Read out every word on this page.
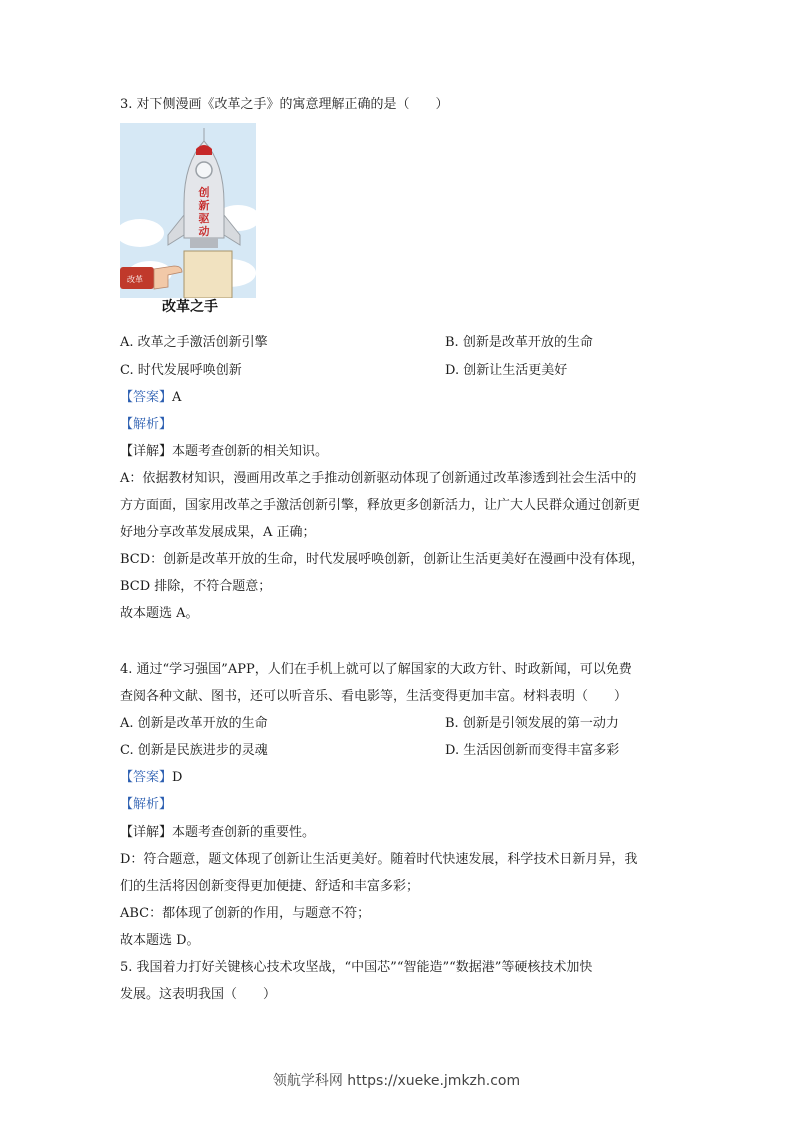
3. 对下侧漫画《改革之手》的寓意理解正确的是（　　）
创
新
驱
动
改革
改革之手
A. 改革之手激活创新引擎	B. 创新是改革开放的生命
C. 时代发展呼唤创新	D. 创新让生活更美好
【答案】A
【解析】
【详解】本题考查创新的相关知识。
A：依据教材知识，漫画用改革之手推动创新驱动体现了创新通过改革渗透到社会生活中的
方方面面，国家用改革之手激活创新引擎，释放更多创新活力，让广大人民群众通过创新更
好地分享改革发展成果，A 正确；
BCD：创新是改革开放的生命，时代发展呼唤创新，创新让生活更美好在漫画中没有体现，
BCD 排除，不符合题意；
故本题选 A。
4. 通过“学习强国”APP，人们在手机上就可以了解国家的大政方针、时政新闻，可以免费
查阅各种文献、图书，还可以听音乐、看电影等，生活变得更加丰富。材料表明（　　）
A. 创新是改革开放的生命	B. 创新是引领发展的第一动力
C. 创新是民族进步的灵魂	D. 生活因创新而变得丰富多彩
【答案】D
【解析】
【详解】本题考查创新的重要性。
D：符合题意，题文体现了创新让生活更美好。随着时代快速发展，科学技术日新月异，我
们的生活将因创新变得更加便捷、舒适和丰富多彩；
ABC：都体现了创新的作用，与题意不符；
故本题选 D。
5. 我国着力打好关键核心技术攻坚战，“中国芯”“智能造”“数据港”等硬核技术加快
发展。这表明我国（　　）
领航学科网 https://xueke.jmkzh.com
